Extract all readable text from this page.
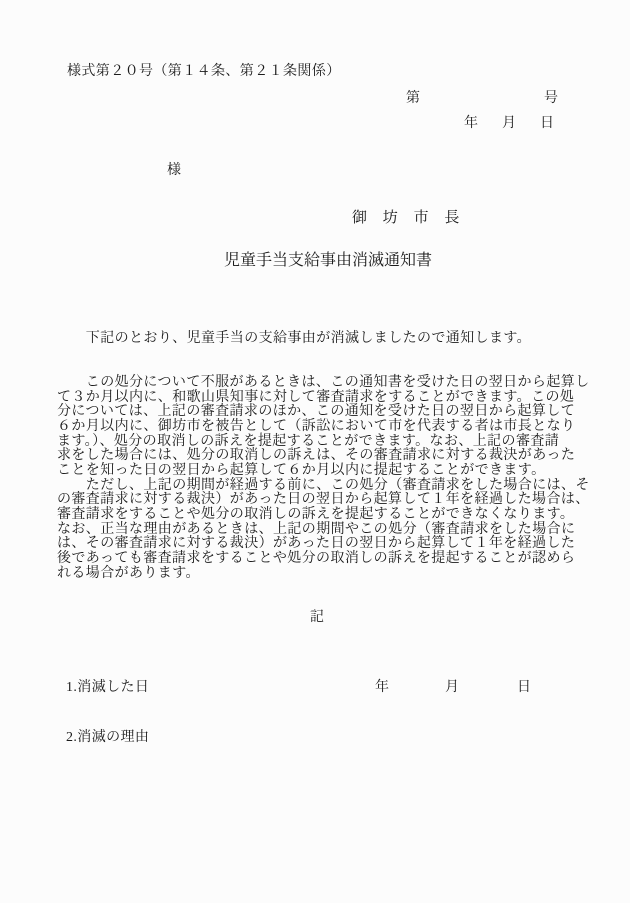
様式第２０号（第１４条、第２１条関係）
第	号
年 月 日
様
御　坊　市　長
児童手当支給事由消滅通知書
　　下記のとおり、児童手当の支給事由が消滅しましたので通知します。
　　この処分について不服があるときは、この通知書を受けた日の翌日から起算し
て３か月以内に、和歌山県知事に対して審査請求をすることができます。この処
分については、上記の審査請求のほか、この通知を受けた日の翌日から起算して
６か月以内に、御坊市を被告として（訴訟において市を代表する者は市長となり
ます。）、処分の取消しの訴えを提起することができます。なお、上記の審査請
求をした場合には、処分の取消しの訴えは、その審査請求に対する裁決があった
ことを知った日の翌日から起算して６か月以内に提起することができます。
　　ただし、上記の期間が経過する前に、この処分（審査請求をした場合には、そ
の審査請求に対する裁決）があった日の翌日から起算して１年を経過した場合は、
審査請求をすることや処分の取消しの訴えを提起することができなくなります。
なお、正当な理由があるときは、上記の期間やこの処分（審査請求をした場合に
は、その審査請求に対する裁決）があった日の翌日から起算して１年を経過した
後であっても審査請求をすることや処分の取消しの訴えを提起することが認めら
れる場合があります。
記
1.消滅した日	年	月	日
2.消滅の理由
